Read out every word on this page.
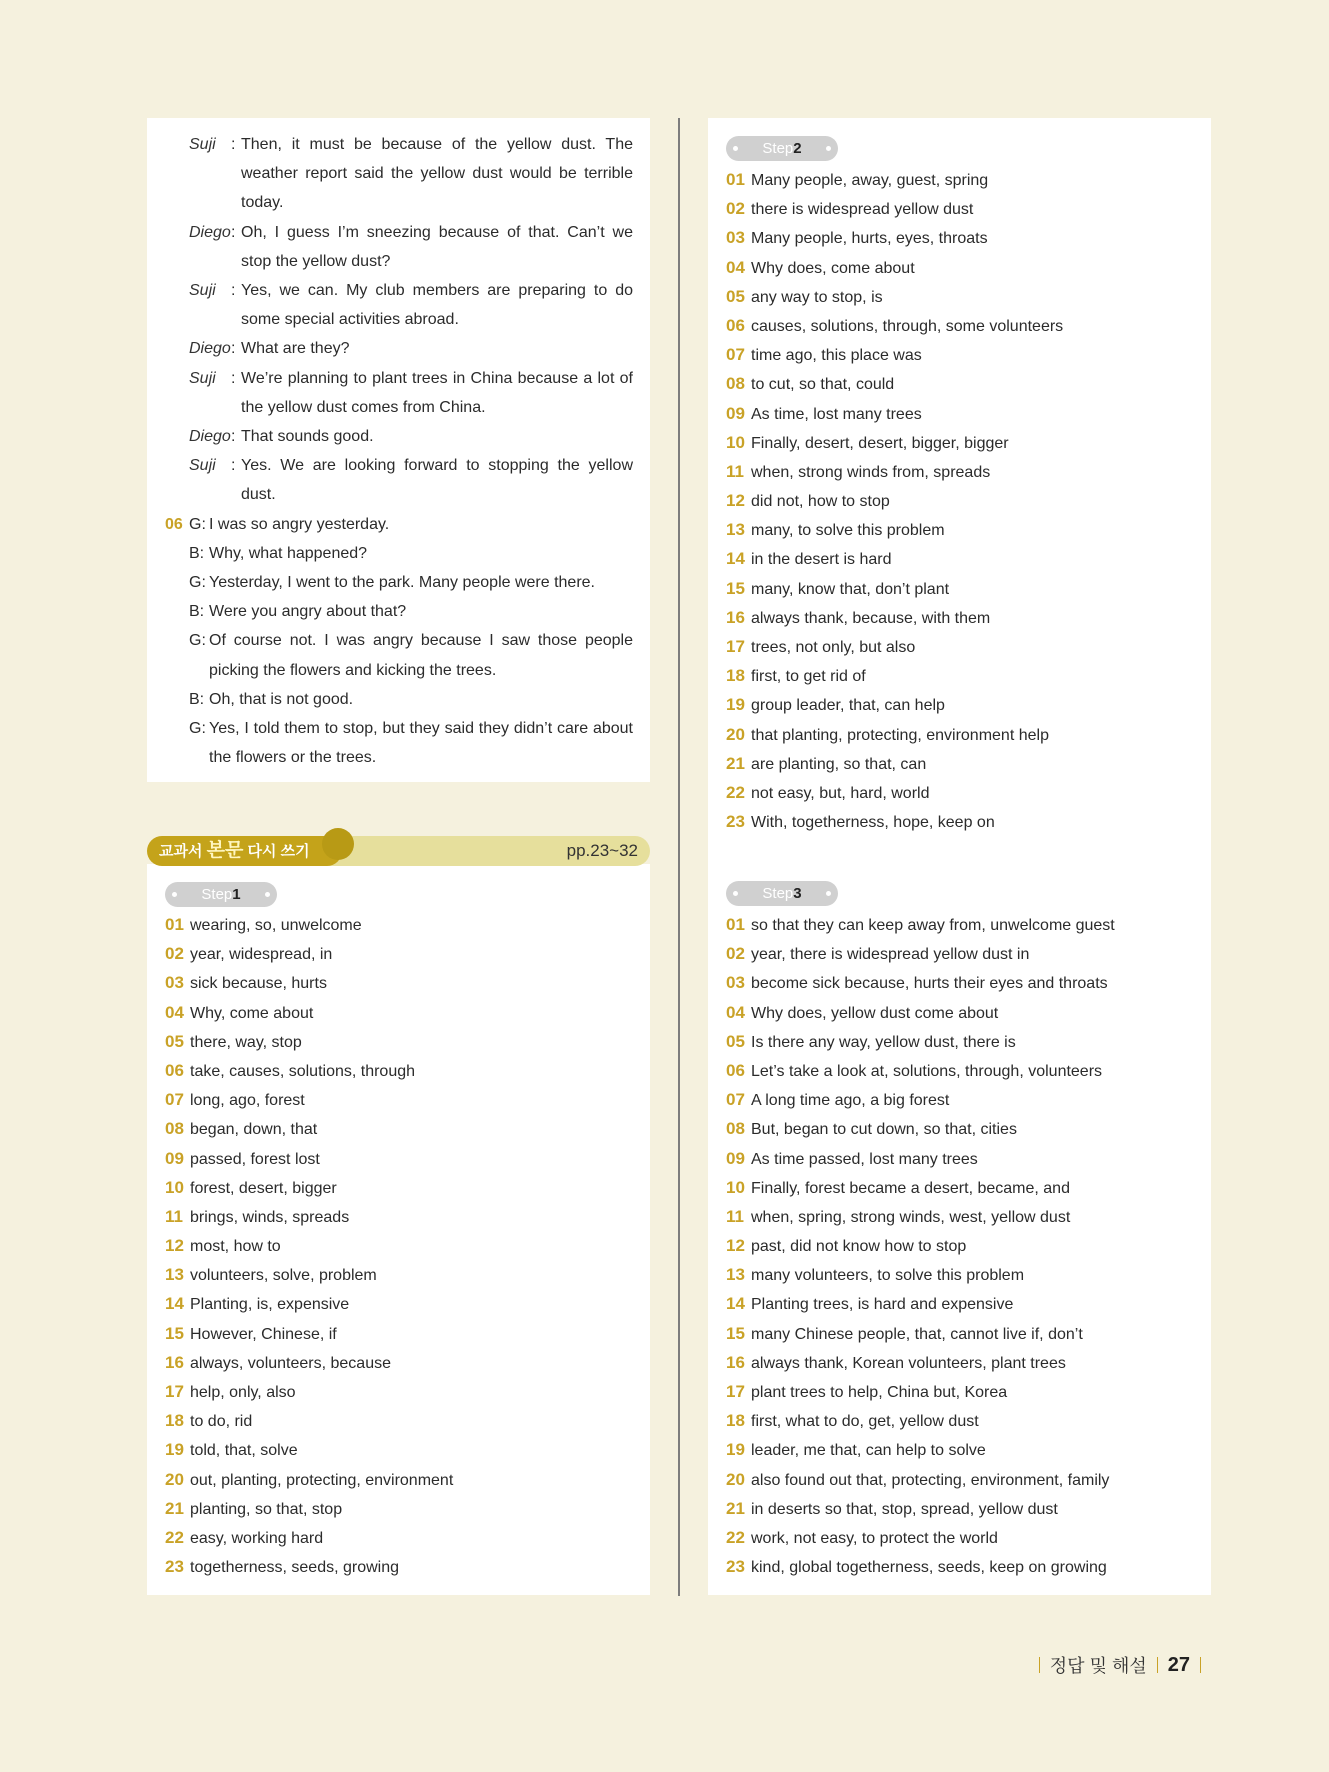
Suji : Then, it must be because of the yellow dust. The weather report said the yellow dust would be terrible today.
Diego : Oh, I guess I’m sneezing because of that. Can’t we stop the yellow dust?
Suji : Yes, we can. My club members are preparing to do some special activities abroad.
Diego : What are they?
Suji : We’re planning to plant trees in China because a lot of the yellow dust comes from China.
Diego : That sounds good.
Suji : Yes. We are looking forward to stopping the yellow dust.
06 G: I was so angry yesterday.
B: Why, what happened?
G: Yesterday, I went to the park. Many people were there.
B: Were you angry about that?
G: Of course not. I was angry because I saw those people picking the flowers and kicking the trees.
B: Oh, that is not good.
G: Yes, I told them to stop, but they said they didn’t care about the flowers or the trees.
교과서 본문 다시 쓰기	pp.23~32
Step1
01 wearing, so, unwelcome
02 year, widespread, in
03 sick because, hurts
04 Why, come about
05 there, way, stop
06 take, causes, solutions, through
07 long, ago, forest
08 began, down, that
09 passed, forest lost
10 forest, desert, bigger
11 brings, winds, spreads
12 most, how to
13 volunteers, solve, problem
14 Planting, is, expensive
15 However, Chinese, if
16 always, volunteers, because
17 help, only, also
18 to do, rid
19 told, that, solve
20 out, planting, protecting, environment
21 planting, so that, stop
22 easy, working hard
23 togetherness, seeds, growing
Step2
01 Many people, away, guest, spring
02 there is widespread yellow dust
03 Many people, hurts, eyes, throats
04 Why does, come about
05 any way to stop, is
06 causes, solutions, through, some volunteers
07 time ago, this place was
08 to cut, so that, could
09 As time, lost many trees
10 Finally, desert, desert, bigger, bigger
11 when, strong winds from, spreads
12 did not, how to stop
13 many, to solve this problem
14 in the desert is hard
15 many, know that, don’t plant
16 always thank, because, with them
17 trees, not only, but also
18 first, to get rid of
19 group leader, that, can help
20 that planting, protecting, environment help
21 are planting, so that, can
22 not easy, but, hard, world
23 With, togetherness, hope, keep on
Step3
01 so that they can keep away from, unwelcome guest
02 year, there is widespread yellow dust in
03 become sick because, hurts their eyes and throats
04 Why does, yellow dust come about
05 Is there any way, yellow dust, there is
06 Let’s take a look at, solutions, through, volunteers
07 A long time ago, a big forest
08 But, began to cut down, so that, cities
09 As time passed, lost many trees
10 Finally, forest became a desert, became, and
11 when, spring, strong winds, west, yellow dust
12 past, did not know how to stop
13 many volunteers, to solve this problem
14 Planting trees, is hard and expensive
15 many Chinese people, that, cannot live if, don’t
16 always thank, Korean volunteers, plant trees
17 plant trees to help, China but, Korea
18 first, what to do, get, yellow dust
19 leader, me that, can help to solve
20 also found out that, protecting, environment, family
21 in deserts so that, stop, spread, yellow dust
22 work, not easy, to protect the world
23 kind, global togetherness, seeds, keep on growing
정답 및 해설 27
